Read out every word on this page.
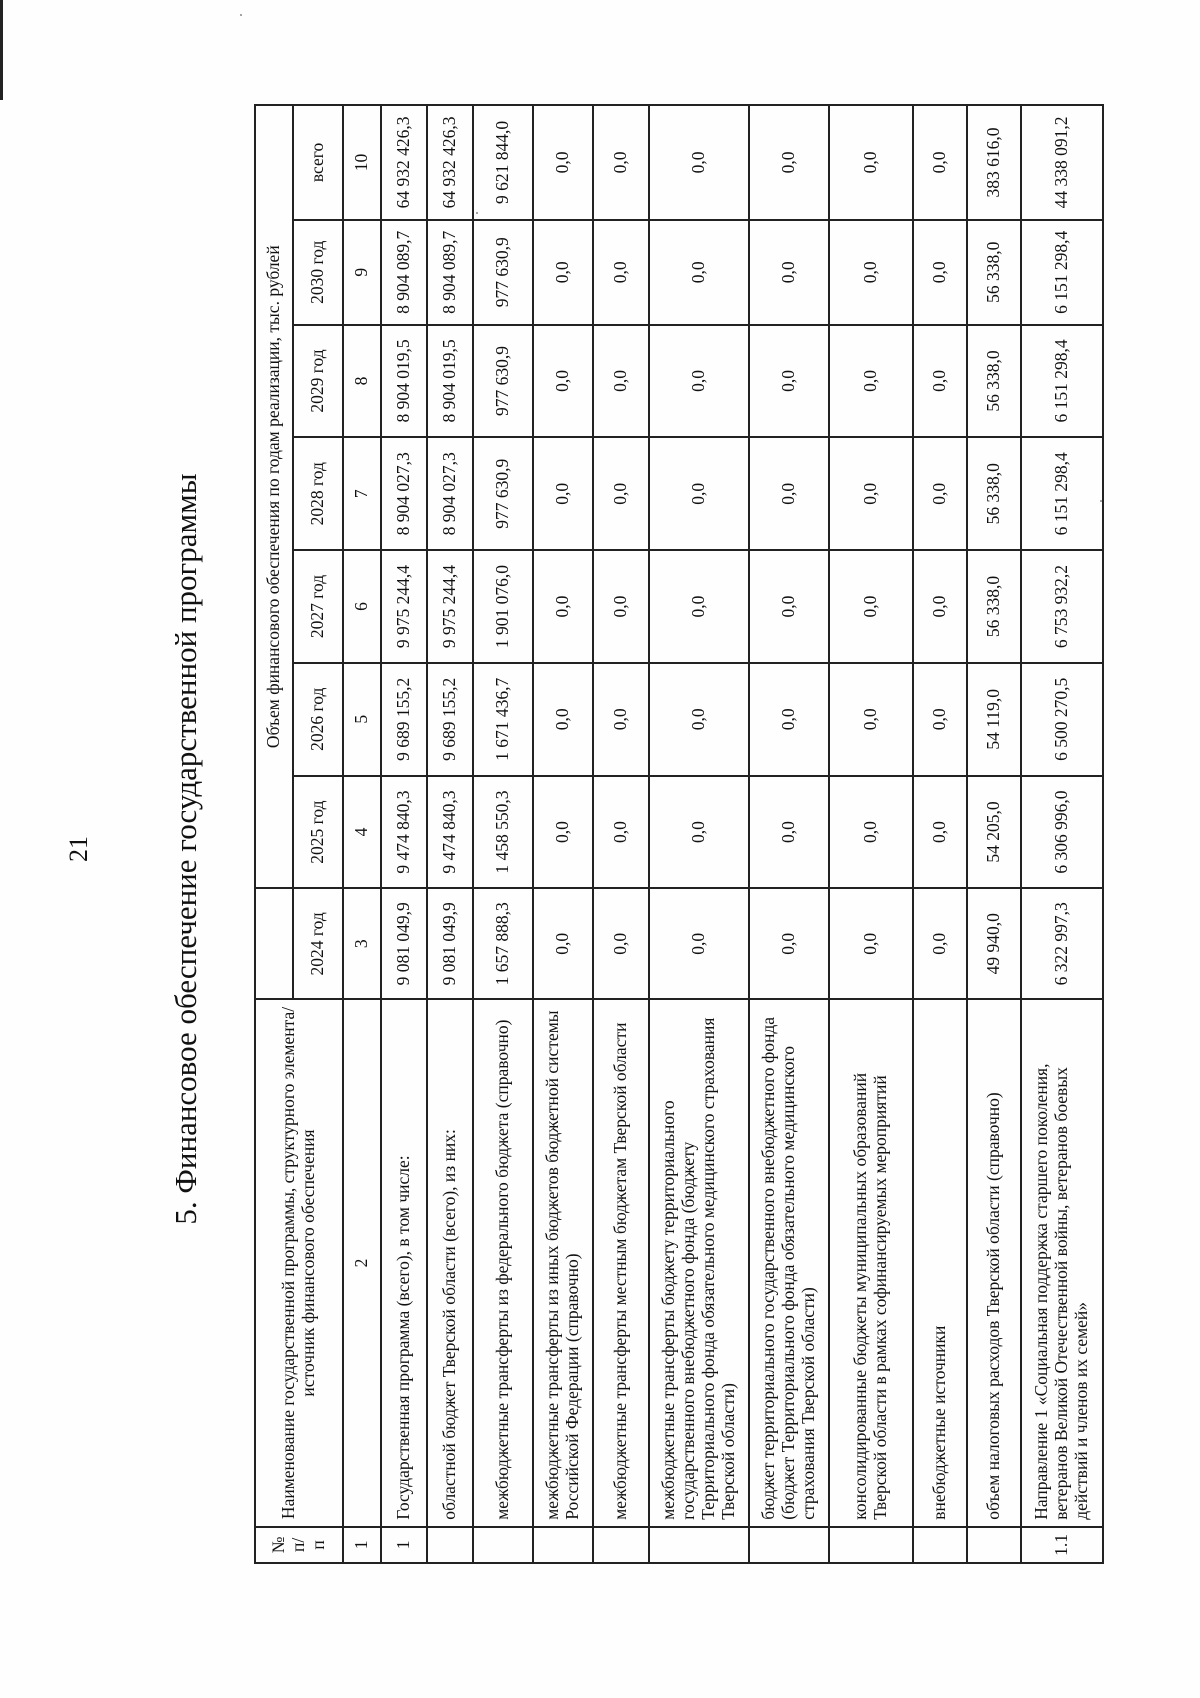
21 5. Финансовое обеспечение государственной программы
№ п/п	Наименование государственной программы, структурного элемента/источник финансового обеспечения		Объем финансового обеспечения по годам реализации, тыс. рублей						
		2024 год	2025 год	2026 год	2027 год	2028 год	2029 год	2030 год	всего
1	2	3	4	5	6	7	8	9	10
1	Государственная программа (всего), в том числе:	9 081 049,9	9 474 840,3	9 689 155,2	9 975 244,4	8 904 027,3	8 904 019,5	8 904 089,7	64 932 426,3
	областной бюджет Тверской области (всего), из них:	9 081 049,9	9 474 840,3	9 689 155,2	9 975 244,4	8 904 027,3	8 904 019,5	8 904 089,7	64 932 426,3
	межбюджетные трансферты из федерального бюджета (справочно)	1 657 888,3	1 458 550,3	1 671 436,7	1 901 076,0	977 630,9	977 630,9	977 630,9	9 621 844,0
	межбюджетные трансферты из иных бюджетов бюджетной системы Российской Федерации (справочно)	0,0	0,0	0,0	0,0	0,0	0,0	0,0	0,0
	межбюджетные трансферты местным бюджетам Тверской области	0,0	0,0	0,0	0,0	0,0	0,0	0,0	0,0
	межбюджетные трансферты бюджету территориального государственного внебюджетного фонда (бюджету Территориального фонда обязательного медицинского страхования Тверской области)	0,0	0,0	0,0	0,0	0,0	0,0	0,0	0,0
	бюджет территориального государственного внебюджетного фонда (бюджет Территориального фонда обязательного медицинского страхования Тверской области)	0,0	0,0	0,0	0,0	0,0	0,0	0,0	0,0
	консолидированные бюджеты муниципальных образований Тверской области в рамках софинансируемых мероприятий	0,0	0,0	0,0	0,0	0,0	0,0	0,0	0,0
	внебюджетные источники	0,0	0,0	0,0	0,0	0,0	0,0	0,0	0,0
	объем налоговых расходов Тверской области (справочно)	49 940,0	54 205,0	54 119,0	56 338,0	56 338,0	56 338,0	56 338,0	383 616,0
1.1	Направление 1 «Социальная поддержка старшего поколения, ветеранов Великой Отечественной войны, ветеранов боевых действий и членов их семей»	6 322 997,3	6 306 996,0	6 500 270,5	6 753 932,2	6 151 298,4	6 151 298,4	6 151 298,4	44 338 091,2
